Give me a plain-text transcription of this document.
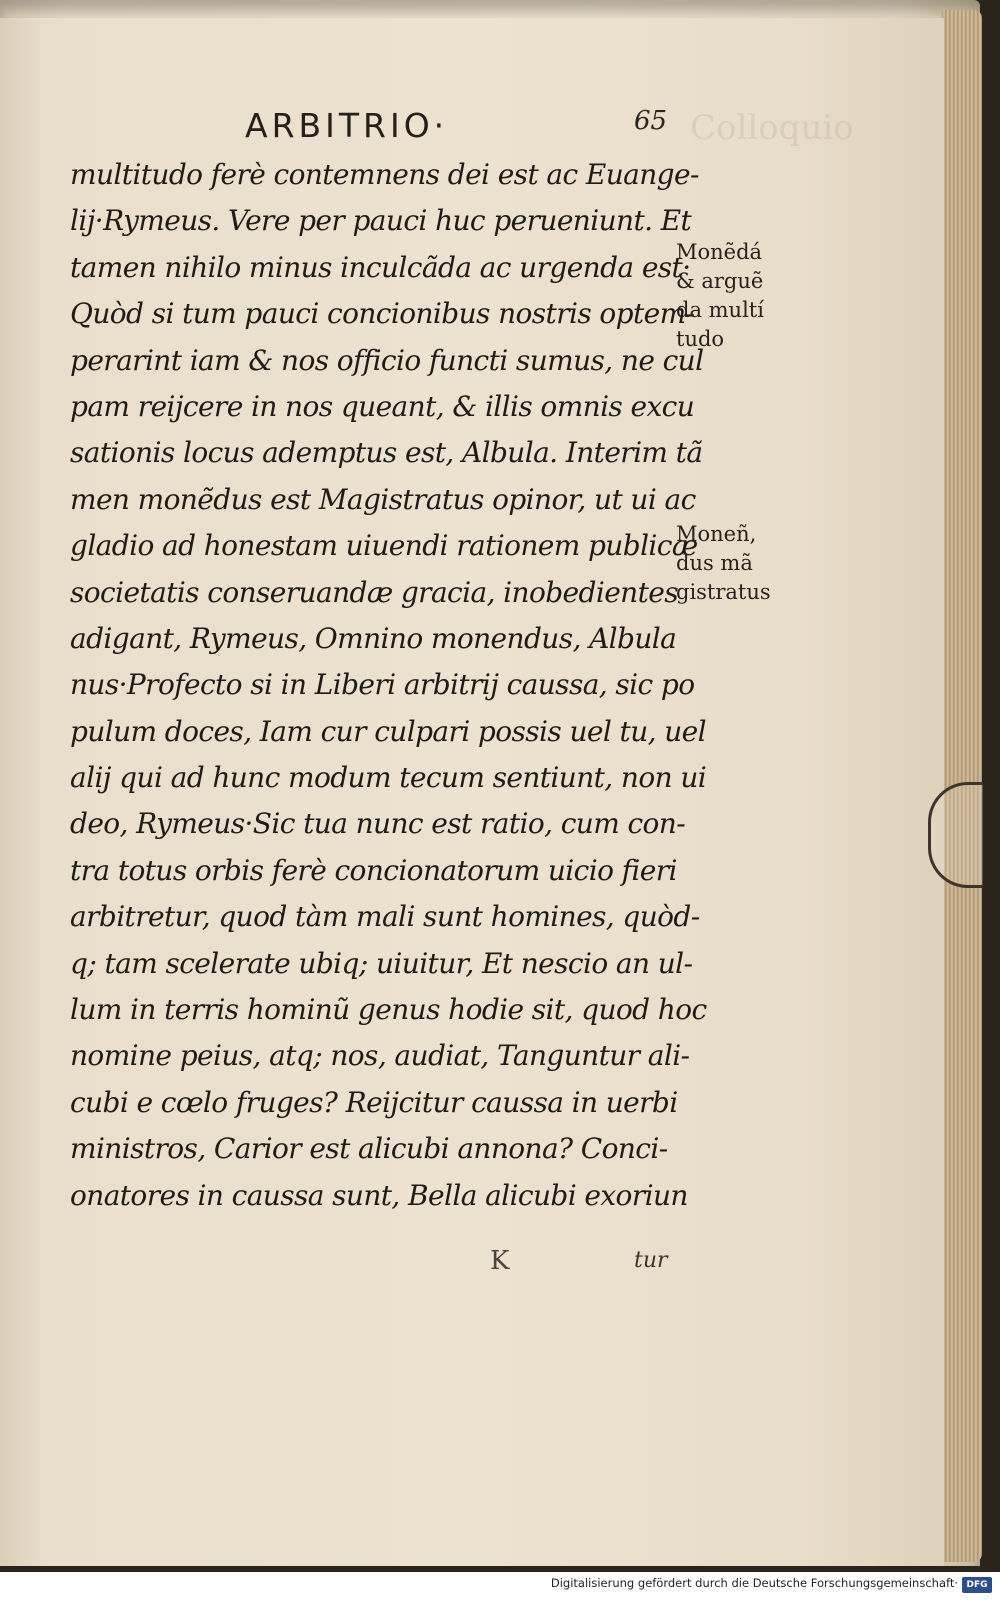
Colloquio
ARBITRIO·	65
multitudo ferè contemnens dei est ac Euange-
lij·Rymeus. Vere per pauci huc perueniunt. Et
tamen nihilo minus inculcãda ac urgenda est·
Quòd si tum pauci concionibus nostris optem-
perarint iam & nos officio functi sumus, ne cul
pam reijcere in nos queant, & illis omnis excu
sationis locus ademptus est, Albula. Interim tã
men monẽdus est Magistratus opinor, ut ui ac
gladio ad honestam uiuendi rationem publicæ
societatis conseruandæ gracia, inobedientes
adigant, Rymeus, Omnino monendus, Albula
nus·Profecto si in Liberi arbitrij caussa, sic po
pulum doces, Iam cur culpari possis uel tu, uel
alij qui ad hunc modum tecum sentiunt, non ui
deo, Rymeus·Sic tua nunc est ratio, cum con-
tra totus orbis ferè concionatorum uicio fieri
arbitretur, quod tàm mali sunt homines, quòd-
q; tam scelerate ubiq; uiuitur, Et nescio an ul-
lum in terris hominũ genus hodie sit, quod hoc
nomine peius, atq; nos, audiat, Tanguntur ali-
cubi e cœlo fruges? Reijcitur caussa in uerbi
ministros, Carior est alicubi annona? Conci-
onatores in caussa sunt, Bella alicubi exoriun
Monẽdá
& arguẽ
da multí
tudo
Moneñ,
dus mã
gistratus
K	tur
Digitalisierung gefördert durch die Deutsche Forschungsgemeinschaft· DFG
